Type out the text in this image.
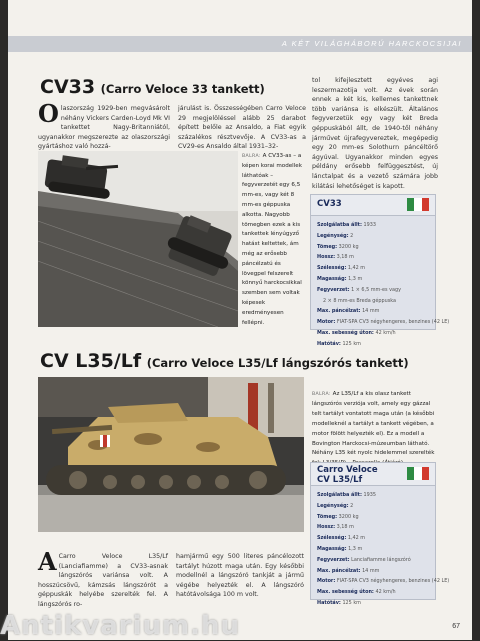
A KÉT VILÁGHÁBORÚ HARCKOCSIJAI
CV33 (Carro Veloce 33 tankett)
Olaszország 1929-ben megvásárolt néhány Vickers Carden-Loyd Mk VI tankettet Nagy-Britanniától, ugyanakkor megszerezte az olaszországi gyártáshoz való hozzá-
járulást is. Összességében Carro Veloce 29 megjelöléssel alább 25 darabot épített belőle az Ansaldo, a Fiat egyik százalékos résztvevője. A CV33-as a CV29-es Ansaldo által 1931–32-
tol kifejlesztett egyéves agi leszermazotija volt. Az évek során ennek a két kis, kellemes tankettnek több variánsa is elkészült. Általános fegyverzetük egy vagy két Breda géppuskából állt, de 1940-től néhány járművet újrafegyvereztek, megépedig egy 20 mm-es Solothurn páncéltörő ágyúval. Ugyanakkor minden egyes példány erősebb felfüggesztést, új lánctalpat és a vezető számára jobb kilátási lehetőséget is kapott.
BALRA: A CV33-as – a képen korai modellek láthatóak – fegyverzetét egy 6,5 mm-es, vagy két 8 mm-es géppuska alkotta. Nagyobb tömegben ezek a kis tankettek lényúgyző hatást keltettek, ám még az erősebb páncélzatú és lövegpel felszerelt könnyű harckocsikkal szemben sem voltak képesek eredményesen fellépni.
CV33
Szolgálatba állt: 1933
Legénység: 2
Tömeg: 3200 kg
Hossz: 3,18 m
Szélesség: 1,42 m
Magasság: 1,3 m
Fegyverzet: 1 × 6,5 mm-es vagy
2 × 8 mm-es Breda géppuska
Max. páncélzat: 14 mm
Motor: FIAT-SPA CV3 négyhengeres, benzines (42 LE)
Max. sebesség úton: 42 km/h
Hatótáv: 125 km
CV L35/Lf (Carro Veloce L35/Lf lángszórós tankett)
BALRA: Az L35/Lf a kis olasz tankett lángszórós verziója volt, amely egy gázzal telt tartályt vontatott maga után (a későbbi modelleknél a tartályt a tankett végében, a motor fölött helyezték el). Ez a modell a Bovington Harckocsi-múzeumban látható. Néhány L35 két nyolc hidelemmel szerelték
Carro Veloce
CV L35/Lf
Szolgálatba állt: 1935
Legénység: 2
Tömeg: 3200 kg
Hossz: 3,18 m
Szélesség: 1,42 m
Magasság: 1,3 m
Fegyverzet: Lanciafiamme lángszóró
Max. páncélzat: 14 mm
Motor: FIAT-SPA CV3 négyhengeres, benzines (42 LE)
Max. sebesség úton: 42 km/h
Hatótáv: 125 km
A Carro Veloce L35/Lf (Lanciafiamme) a CV33-asnak lángszórós variánsa volt. A hosszúcsövű, kámzsás lángszórót a géppuskák helyébe szerelték fel. A lángszórós ro-
hamjármű egy 500 literes páncélozott tartályt húzott maga után. Egy későbbi modellnél a lángszóró tankját a jármű végébe helyezték el. A lángszóró hatótávolsága 100 m volt.
67
Antikvarium.hu
